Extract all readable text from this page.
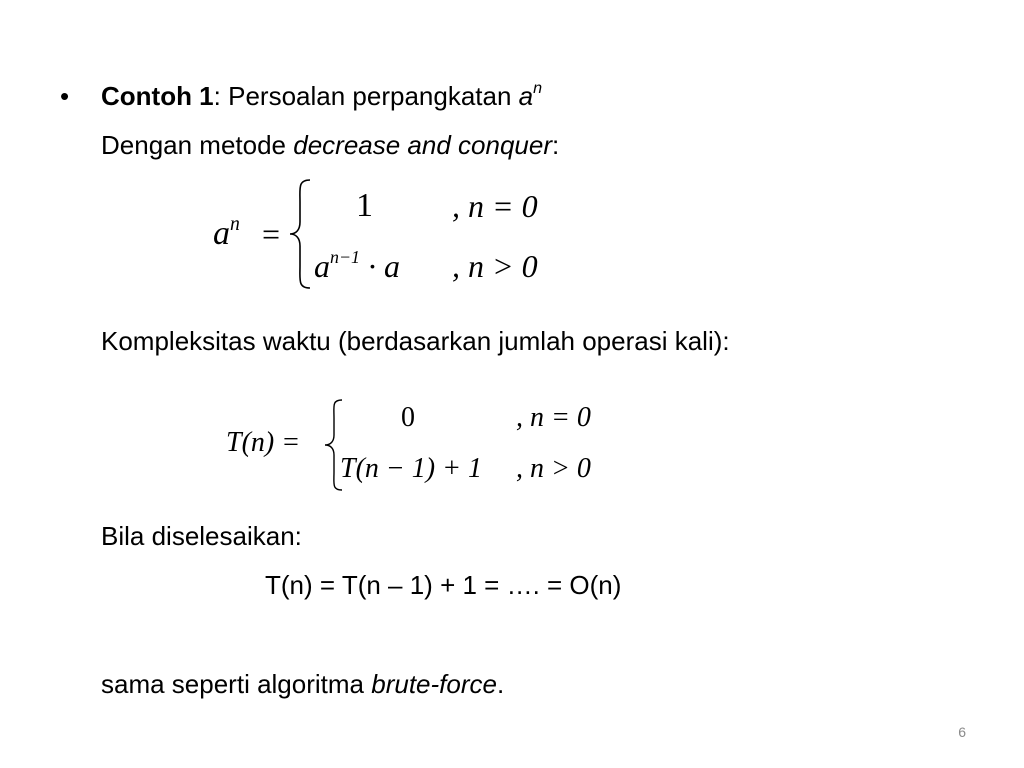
• Contoh 1: Persoalan perpangkatan $a^n$
Dengan metode decrease and conquer:
$a^n$ =
1 , n = 0
$a^{n-1} \cdot a$ , n > 0
Kompleksitas waktu (berdasarkan jumlah operasi kali):
T(n) =
0	, n = 0
T(n − 1) + 1 , n > 0
Bila diselesaikan:
T(n) = T(n – 1) + 1 = …. = O(n)
sama seperti algoritma brute-force.
6
